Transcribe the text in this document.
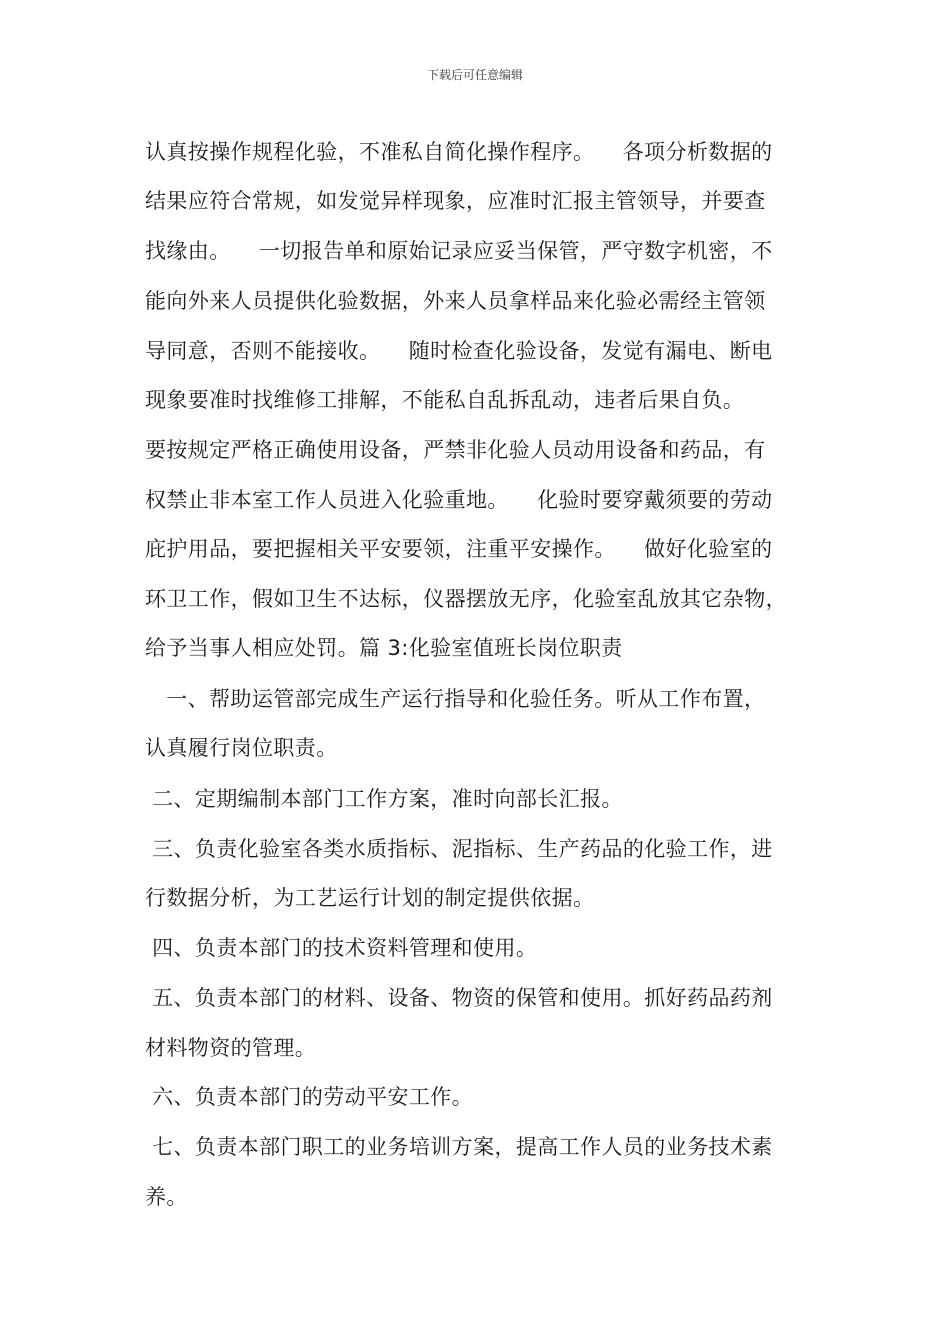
下载后可任意编辑
认真按操作规程化验，不准私自简化操作程序。    各项分析数据的
结果应符合常规，如发觉异样现象，应准时汇报主管领导，并要查
找缘由。    一切报告单和原始记录应妥当保管，严守数字机密，不
能向外来人员提供化验数据，外来人员拿样品来化验必需经主管领
导同意，否则不能接收。    随时检查化验设备，发觉有漏电、断电
现象要准时找维修工排解，不能私自乱拆乱动，违者后果自负。
要按规定严格正确使用设备，严禁非化验人员动用设备和药品，有
权禁止非本室工作人员进入化验重地。    化验时要穿戴须要的劳动
庇护用品，要把握相关平安要领，注重平安操作。    做好化验室的
环卫工作，假如卫生不达标，仪器摆放无序，化验室乱放其它杂物，
给予当事人相应处罚。篇 3:化验室值班长岗位职责
一、帮助运管部完成生产运行指导和化验任务。听从工作布置，
认真履行岗位职责。
二、定期编制本部门工作方案，准时向部长汇报。
三、负责化验室各类水质指标、泥指标、生产药品的化验工作，进
行数据分析，为工艺运行计划的制定提供依据。
四、负责本部门的技术资料管理和使用。
五、负责本部门的材料、设备、物资的保管和使用。抓好药品药剂
材料物资的管理。
六、负责本部门的劳动平安工作。
七、负责本部门职工的业务培训方案，提高工作人员的业务技术素
养。
